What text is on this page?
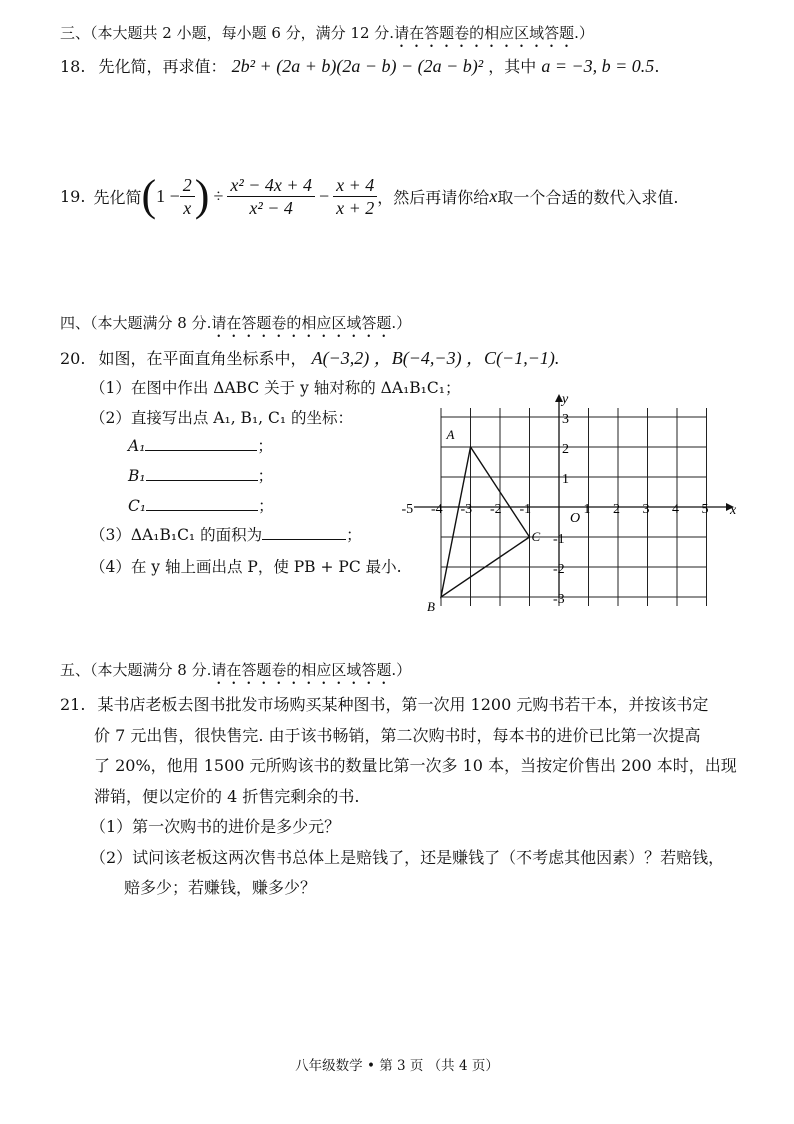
三、（本大题共 2 小题，每小题 6 分，满分 12 分.请在答题卷的相应区域答题.）
18. 先化简，再求值： 2b² + (2a + b)(2a − b) − (2a − b)² ，其中 a = −3, b = 0.5.
19. 先化简 ( $1 - \frac{2}{x}$ ) ÷ $\frac{\text{x² − 4x + 4}}{\text{x² − 4}} - \frac{x + 4}{x + 2}$ ，然后再请你给 x 取一个合适的数代入求值.
四、（本大题满分 8 分.请在答题卷的相应区域答题.）
20. 如图，在平面直角坐标系中， A(−3,2) ，B(−4,−3) ，C(−1,−1).
（1）在图中作出 ΔABC 关于 y 轴对称的 ΔA₁B₁C₁；
（2）直接写出点 A₁, B₁, C₁ 的坐标：
A₁	；
B₁	；
C₁	；
（3）ΔA₁B₁C₁ 的面积为	；
（4）在 y 轴上画出点 P，使 PB + PC 最小.
x
y
O
-5 -4 -3 -2 -1	1 2 3 4 5
3
2
1
-1
-2
-3
A
B
C
五、（本大题满分 8 分.请在答题卷的相应区域答题.）
21. 某书店老板去图书批发市场购买某种图书，第一次用 1200 元购书若干本，并按该书定
价 7 元出售，很快售完. 由于该书畅销，第二次购书时，每本书的进价已比第一次提高
了 20%，他用 1500 元所购该书的数量比第一次多 10 本，当按定价售出 200 本时，出现
滞销，便以定价的 4 折售完剩余的书.
（1）第一次购书的进价是多少元？
（2）试问该老板这两次售书总体上是赔钱了，还是赚钱了（不考虑其他因素）？若赔钱，
赔多少；若赚钱，赚多少？
八年级数学 • 第 3 页 （共 4 页）
